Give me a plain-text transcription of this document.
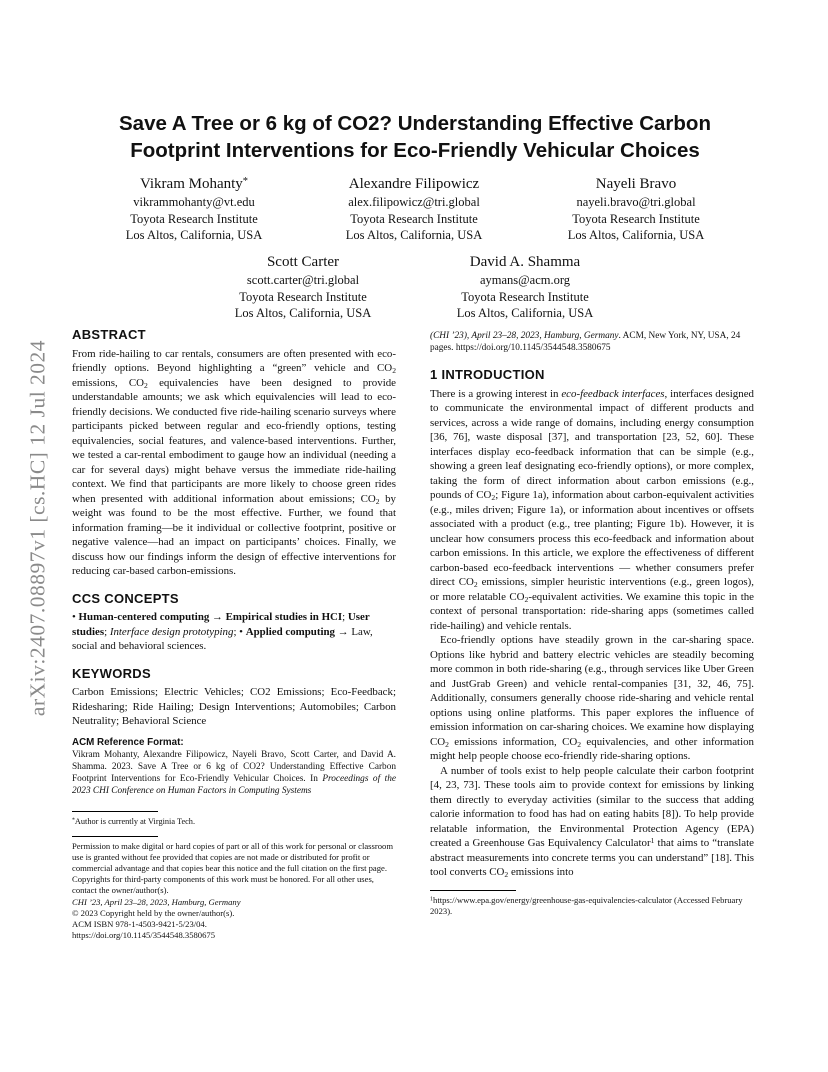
arXiv:2407.08897v1 [cs.HC] 12 Jul 2024
Save A Tree or 6 kg of CO2? Understanding Effective Carbon
Footprint Interventions for Eco-Friendly Vehicular Choices
Vikram Mohanty*
vikrammohanty@vt.edu
Toyota Research Institute
Los Altos, California, USA
Alexandre Filipowicz
alex.filipowicz@tri.global
Toyota Research Institute
Los Altos, California, USA
Nayeli Bravo
nayeli.bravo@tri.global
Toyota Research Institute
Los Altos, California, USA
Scott Carter
scott.carter@tri.global
Toyota Research Institute
Los Altos, California, USA
David A. Shamma
aymans@acm.org
Toyota Research Institute
Los Altos, California, USA
ABSTRACT

From ride-hailing to car rentals, consumers are often presented with eco-friendly options. Beyond highlighting a “green” vehicle and $CO_2$ emissions, $CO_2$ equivalencies have been designed to provide understandable amounts; we ask which equivalencies will lead to eco-friendly decisions. We conducted five ride-hailing scenario surveys where participants picked between regular and eco-friendly options, testing equivalencies, social features, and valence-based interventions. Further, we tested a car-rental embodiment to gauge how an individual (needing a car for several days) might behave versus the immediate ride-hailing context. We find that participants are more likely to choose green rides when presented with additional information about emissions; $CO_2$ by weight was found to be the most effective. Further, we found that information framing—be it individual or collective footprint, positive or negative valence—had an impact on participants’ choices. Finally, we discuss how our findings inform the design of effective interventions for reducing car-based carbon-emissions.

CCS CONCEPTS

• Human-centered computing → Empirical studies in HCI; User studies; Interface design prototyping; • Applied computing → Law, social and behavioral sciences.

KEYWORDS

Carbon Emissions; Electric Vehicles; CO2 Emissions; Eco-Feedback; Ridesharing; Ride Hailing; Design Interventions; Automobiles; Carbon Neutrality; Behavioral Science

ACM Reference Format:

Vikram Mohanty, Alexandre Filipowicz, Nayeli Bravo, Scott Carter, and David A. Shamma. 2023. Save A Tree or 6 kg of CO2? Understanding Effective Carbon Footprint Interventions for Eco-Friendly Vehicular Choices. In Proceedings of the 2023 CHI Conference on Human Factors in Computing Systems

*Author is currently at Virginia Tech.

Permission to make digital or hard copies of part or all of this work for personal or classroom use is granted without fee provided that copies are not made or distributed for profit or commercial advantage and that copies bear this notice and the full citation on the first page. Copyrights for third-party components of this work must be honored. For all other uses, contact the owner/author(s).

CHI ’23, April 23–28, 2023, Hamburg, Germany

© 2023 Copyright held by the owner/author(s).

ACM ISBN 978-1-4503-9421-5/23/04.

https://doi.org/10.1145/3544548.3580675

(CHI ’23), April 23–28, 2023, Hamburg, Germany. ACM, New York, NY, USA, 24 pages. https://doi.org/10.1145/3544548.3580675

1 INTRODUCTION

There is a growing interest in eco-feedback interfaces, interfaces designed to communicate the environmental impact of different products and services, across a wide range of domains, including energy consumption [36, 76], waste disposal [37], and transportation [23, 52, 60]. These interfaces display eco-feedback information that can be simple (e.g., showing a green leaf designating eco-friendly options), or more complex, taking the form of direct information about carbon emissions (e.g., pounds of $CO_2$; Figure 1a), information about carbon-equivalent activities (e.g., miles driven; Figure 1a), or information about incentives or offsets associated with a product (e.g., tree planting; Figure 1b). However, it is unclear how consumers process this eco-feedback and information about carbon emissions. In this article, we explore the effectiveness of different carbon-based eco-feedback interventions — whether consumers prefer direct $CO_2$ emissions, simpler heuristic interventions (e.g., green logos), or more relatable $CO_2$-equivalent activities. We examine this topic in the context of personal transportation: ride-sharing apps (sometimes called ride-hailing) and vehicle rentals.

Eco-friendly options have steadily grown in the car-sharing space. Options like hybrid and battery electric vehicles are steadily becoming more common in both ride-sharing (e.g., through services like Uber Green and JustGrab Green) and vehicle rental-companies [31, 32, 46, 75]. Additionally, consumers generally choose ride-sharing and vehicle rental options using online platforms. This paper explores the influence of emission information on car-sharing choices. We examine how displaying $CO_2$ emissions information, $CO_2$ equivalencies, and other information might help people choose eco-friendly ride-sharing options.

A number of tools exist to help people calculate their carbon footprint [4, 23, 73]. These tools aim to provide context for emissions by linking them directly to everyday activities (similar to the success that adding calorie information to food has had on eating habits [8]). To help provide relatable information, the Environmental Protection Agency (EPA) created a Greenhouse Gas Equivalency Calculator$^1$ that aims to “translate abstract measurements into concrete terms you can understand” [18]. This tool converts $CO_2$ emissions into

$^1$https://www.epa.gov/energy/greenhouse-gas-equivalencies-calculator (Accessed February 2023).
